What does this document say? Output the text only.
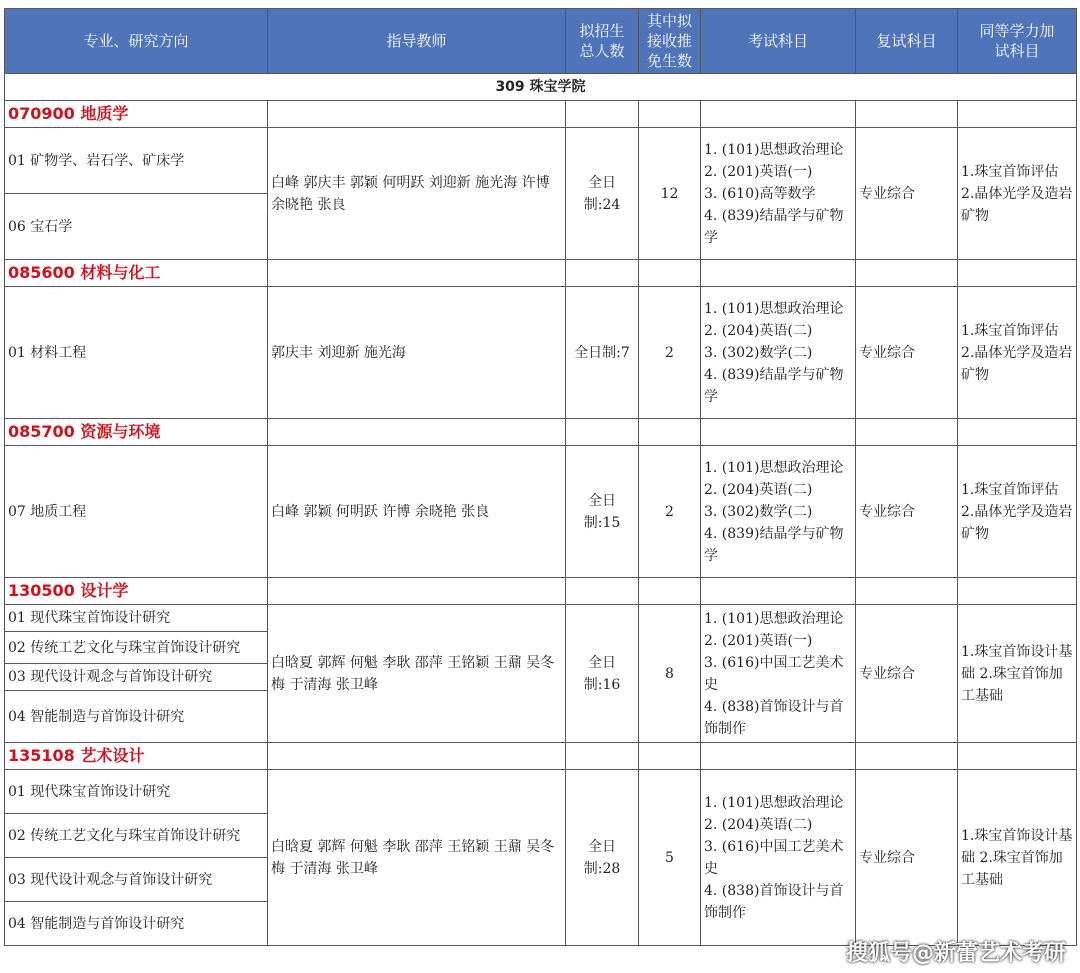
专业、研究方向	指导教师	拟招生总人数	其中拟接收推免生数	考试科目	复试科目	同等学力加试科目
309 珠宝学院						
070900 地质学						
01 矿物学、岩石学、矿床学	白峰 郭庆丰 郭颖 何明跃 刘迎新 施光海 许博 余晓艳 张良	全日制:24	12	1. (101)思想政治理论
2. (201)英语(一)
3. (610)高等数学
4. (839)结晶学与矿物学	专业综合	1.珠宝首饰评估 2.晶体光学及造岩矿物
06 宝石学						
085600 材料与化工						
01 材料工程	郭庆丰 刘迎新 施光海	全日制:7	2	1. (101)思想政治理论
2. (204)英语(二)
3. (302)数学(二)
4. (839)结晶学与矿物学	专业综合	1.珠宝首饰评估 2.晶体光学及造岩矿物
085700 资源与环境						
07 地质工程	白峰 郭颖 何明跃 许博 余晓艳 张良	全日制:15	2	1. (101)思想政治理论
2. (204)英语(二)
3. (302)数学(二)
4. (839)结晶学与矿物学	专业综合	1.珠宝首饰评估 2.晶体光学及造岩矿物
130500 设计学						
01 现代珠宝首饰设计研究	白晗夏 郭辉 何魁 李耿 邵萍 王铭颖 王鼐 吴冬梅 于清海 张卫峰	全日制:16	8	1. (101)思想政治理论
2. (201)英语(一)
3. (616)中国工艺美术史
4. (838)首饰设计与首饰制作	专业综合	1.珠宝首饰设计基础 2.珠宝首饰加工基础
02 传统工艺文化与珠宝首饰设计研究						
03 现代设计观念与首饰设计研究						
04 智能制造与首饰设计研究						
135108 艺术设计						
01 现代珠宝首饰设计研究	白晗夏 郭辉 何魁 李耿 邵萍 王铭颖 王鼐 吴冬梅 于清海 张卫峰	全日制:28	5	1. (101)思想政治理论
2. (204)英语(二)
3. (616)中国工艺美术史
4. (838)首饰设计与首饰制作	专业综合	1.珠宝首饰设计基础 2.珠宝首饰加工基础
02 传统工艺文化与珠宝首饰设计研究						
03 现代设计观念与首饰设计研究						
04 智能制造与首饰设计研究						
搜狐号@新蕾艺术考研
